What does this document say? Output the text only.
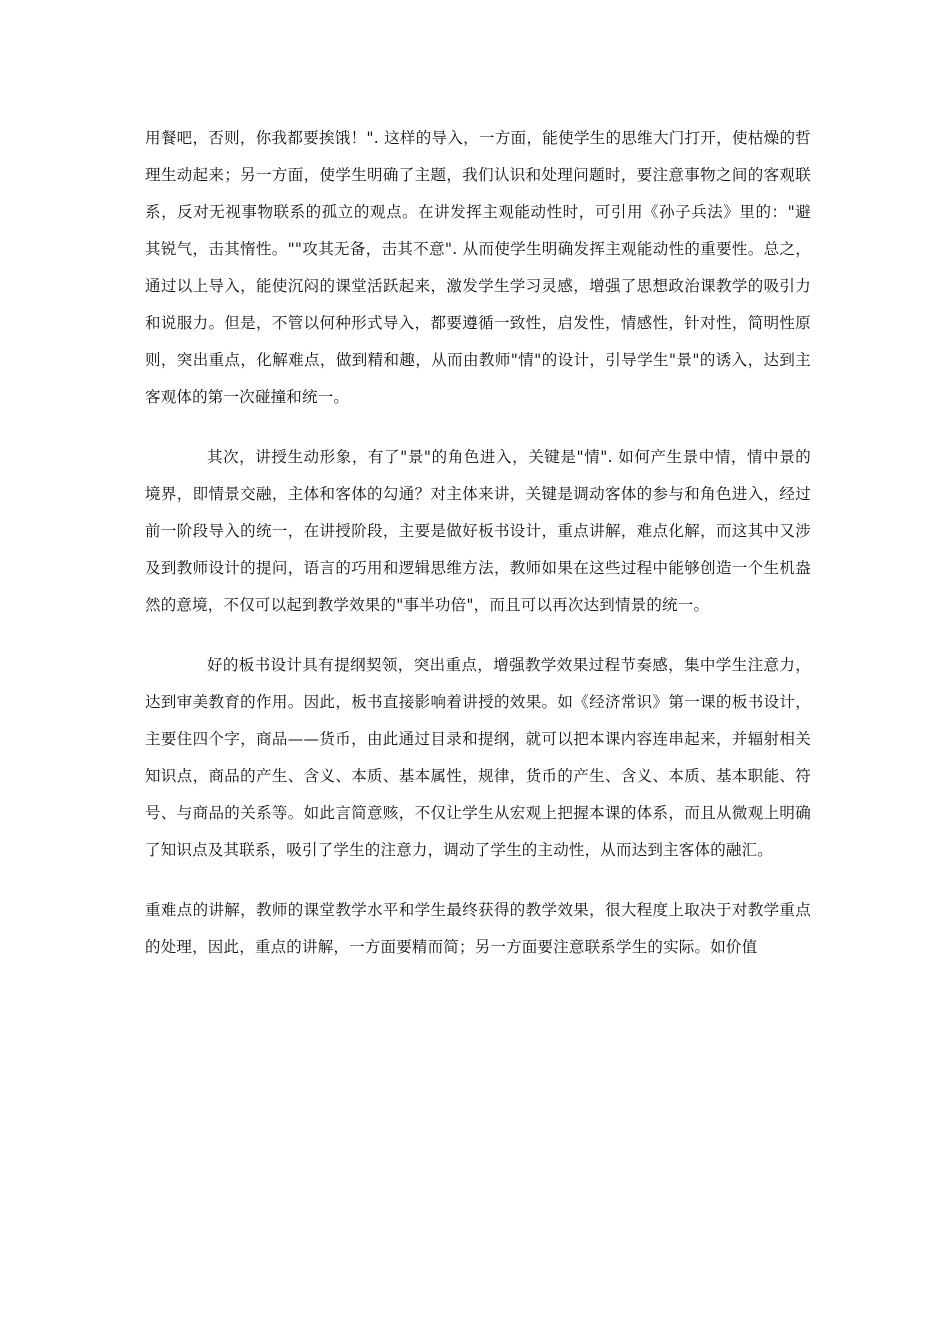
用餐吧，否则，你我都要挨饿！". 这样的导入，一方面，能使学生的思维大门打开，使枯燥的哲理生动起来；另一方面，使学生明确了主题，我们认识和处理问题时，要注意事物之间的客观联系，反对无视事物联系的孤立的观点。在讲发挥主观能动性时，可引用《孙子兵法》里的："避其锐气，击其惰性。""攻其无备，击其不意". 从而使学生明确发挥主观能动性的重要性。总之，通过以上导入，能使沉闷的课堂活跃起来，激发学生学习灵感，增强了思想政治课教学的吸引力和说服力。但是，不管以何种形式导入，都要遵循一致性，启发性，情感性，针对性，简明性原则，突出重点，化解难点，做到精和趣，从而由教师"情"的设计，引导学生"景"的诱入，达到主客观体的第一次碰撞和统一。

其次，讲授生动形象，有了"景"的角色进入，关键是"情". 如何产生景中情，情中景的境界，即情景交融，主体和客体的勾通？对主体来讲，关键是调动客体的参与和角色进入，经过前一阶段导入的统一，在讲授阶段，主要是做好板书设计，重点讲解，难点化解，而这其中又涉及到教师设计的提问，语言的巧用和逻辑思维方法，教师如果在这些过程中能够创造一个生机盎然的意境，不仅可以起到教学效果的"事半功倍"，而且可以再次达到情景的统一。

好的板书设计具有提纲契领，突出重点，增强教学效果过程节奏感，集中学生注意力，达到审美教育的作用。因此，板书直接影响着讲授的效果。如《经济常识》第一课的板书设计，主要住四个字，商品——货币，由此通过目录和提纲，就可以把本课内容连串起来，并辐射相关知识点，商品的产生、含义、本质、基本属性，规律，货币的产生、含义、本质、基本职能、符号、与商品的关系等。如此言简意赅，不仅让学生从宏观上把握本课的体系，而且从微观上明确了知识点及其联系，吸引了学生的注意力，调动了学生的主动性，从而达到主客体的融汇。

重难点的讲解，教师的课堂教学水平和学生最终获得的教学效果，很大程度上取决于对教学重点的处理，因此，重点的讲解，一方面要精而简；另一方面要注意联系学生的实际。如价值
